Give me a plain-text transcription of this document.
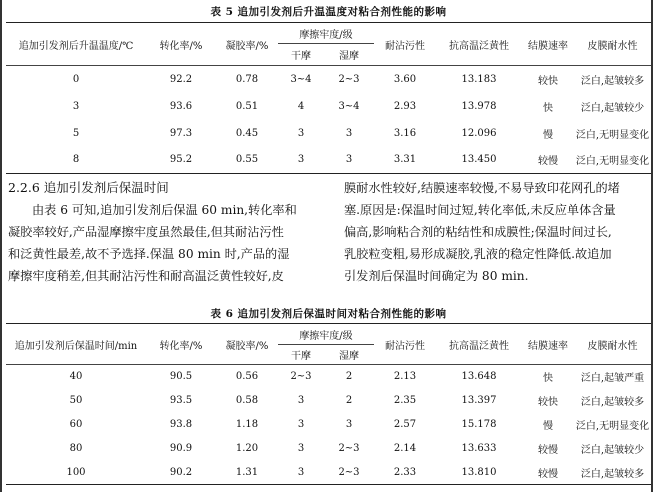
表 5 追加引发剂后升温温度对粘合剂性能的影响
追加引发剂后升温温度/℃	转化率/%	凝胶率/%	摩擦牢度/级		耐沾污性	抗高温泛黄性	结膜速率	皮膜耐水性
			干摩	湿摩				
0	92.2	0.78	3~4	2~3	3.60	13.183	较快	泛白,起皱较多
3	93.6	0.51	4	3~4	2.93	13.978	快	泛白,起皱较少
5	97.3	0.45	3	3	3.16	12.096	慢	泛白,无明显变化
8	95.2	0.55	3	3	3.31	13.450	较慢	泛白,无明显变化
2.2.6 追加引发剂后保温时间
由表 6 可知,追加引发剂后保温 60 min,转化率和
凝胶率较好,产品湿摩擦牢度虽然最佳,但其耐沾污性
和泛黄性最差,故不予选择.保温 80 min 时,产品的湿
摩擦牢度稍差,但其耐沾污性和耐高温泛黄性较好,皮
膜耐水性较好,结膜速率较慢,不易导致印花网孔的堵
塞.原因是:保温时间过短,转化率低,未反应单体含量
偏高,影响粘合剂的粘结性和成膜性;保温时间过长,
乳胶粒变粗,易形成凝胶,乳液的稳定性降低.故追加
引发剂后保温时间确定为 80 min.
表 6 追加引发剂后保温时间对粘合剂性能的影响
追加引发剂后保温时间/min	转化率/%	凝胶率/%	摩擦牢度/级		耐沾污性	抗高温泛黄性	结膜速率	皮膜耐水性
			干摩	湿摩				
40	90.5	0.56	2~3	2	2.13	13.648	快	泛白,起皱严重
50	93.5	0.58	3	2	2.35	13.397	较快	泛白,起皱较多
60	93.8	1.18	3	3	2.57	15.178	慢	泛白,无明显变化
80	90.9	1.20	3	2~3	2.14	13.633	较慢	泛白,起皱较少
100	90.2	1.31	3	2~3	2.33	13.810	较慢	泛白,起皱较多
